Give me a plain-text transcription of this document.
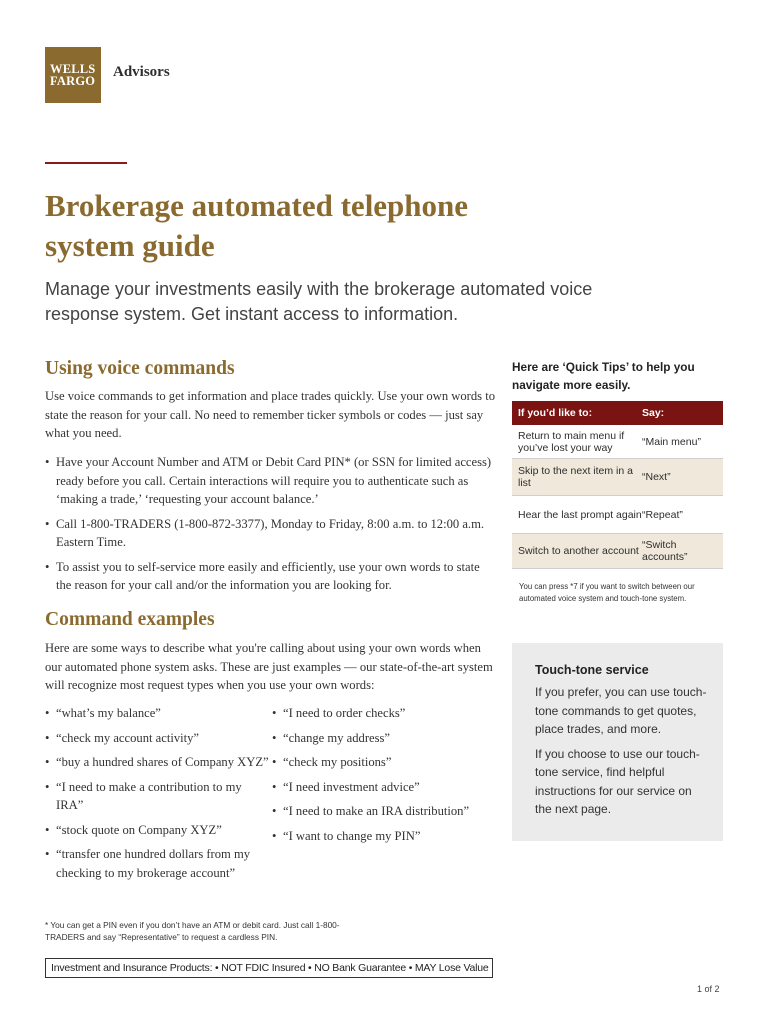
WELLS
FARGO
Advisors
Brokerage automated telephone system guide
Manage your investments easily with the brokerage automated voice response system. Get instant access to information.
Using voice commands

Use voice commands to get information and place trades quickly. Use your own words to state the reason for your call. No need to remember ticker symbols or codes — just say what you need.

• Have your Account Number and ATM or Debit Card PIN* (or SSN for limited access) ready before you call. Certain interactions will require you to authenticate such as ‘making a trade,’ ‘requesting your account balance.’
• Call 1-800-TRADERS (1-800-872-3377), Monday to Friday, 8:00 a.m. to 12:00 a.m. Eastern Time.
• To assist you to self-service more easily and efficiently, use your own words to state the reason for your call and/or the information you are looking for.
Command examples

Here are some ways to describe what you're calling about using your own words when our automated phone system asks. These are just examples — our state-of-the-art system will recognize most request types when you use your own words:

• “what’s my balance”
• “check my account activity”
• “buy a hundred shares of Company XYZ”
• “I need to make a contribution to my IRA”
• “stock quote on Company XYZ”
• “transfer one hundred dollars from my checking to my brokerage account”
• “I need to order checks”
• “change my address”
• “check my positions”
• “I need investment advice”
• “I need to make an IRA distribution”
• “I want to change my PIN”

* You can get a PIN even if you don’t have an ATM or debit card. Just call 1-800-TRADERS and say “Representative” to request a cardless PIN.

Investment and Insurance Products: • NOT FDIC Insured • NO Bank Guarantee • MAY Lose Value
1 of 2
Here are ‘Quick Tips’ to help you navigate more easily.
If you’d like to:	Say:
Return to main menu if you’ve lost your way	“Main menu”
Skip to the next item in a list	“Next”
Hear the last prompt again “Repeat”
Switch to another account “Switch accounts”

You can press *7 if you want to switch between our automated voice system and touch-tone system.

Touch-tone service

If you prefer, you can use touch-tone commands to get quotes, place trades, and more.

If you choose to use our touch-tone service, find helpful instructions for our service on the next page.
